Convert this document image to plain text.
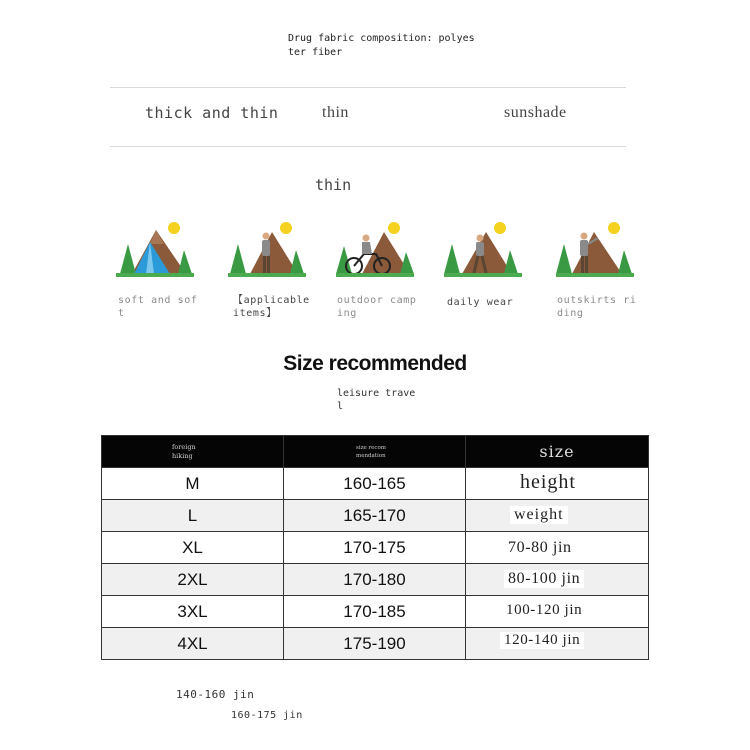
Drug fabric composition: polyes ter fiber
thick and thin	thin	sunshade
thin
soft and sof t
【applicable items】
outdoor camp ing
daily wear	outskirts ri ding
Size recommended
leisure trave l
foreign hiking	size recom mendation	size
M	160-165	height

L	165-170	weight

XL	170-175	70-80 jin

2XL	170-180	80-100 jin

3XL	170-185	100-120 jin

4XL	175-190	120-140 jin
140-160 jin
160-175 jin
